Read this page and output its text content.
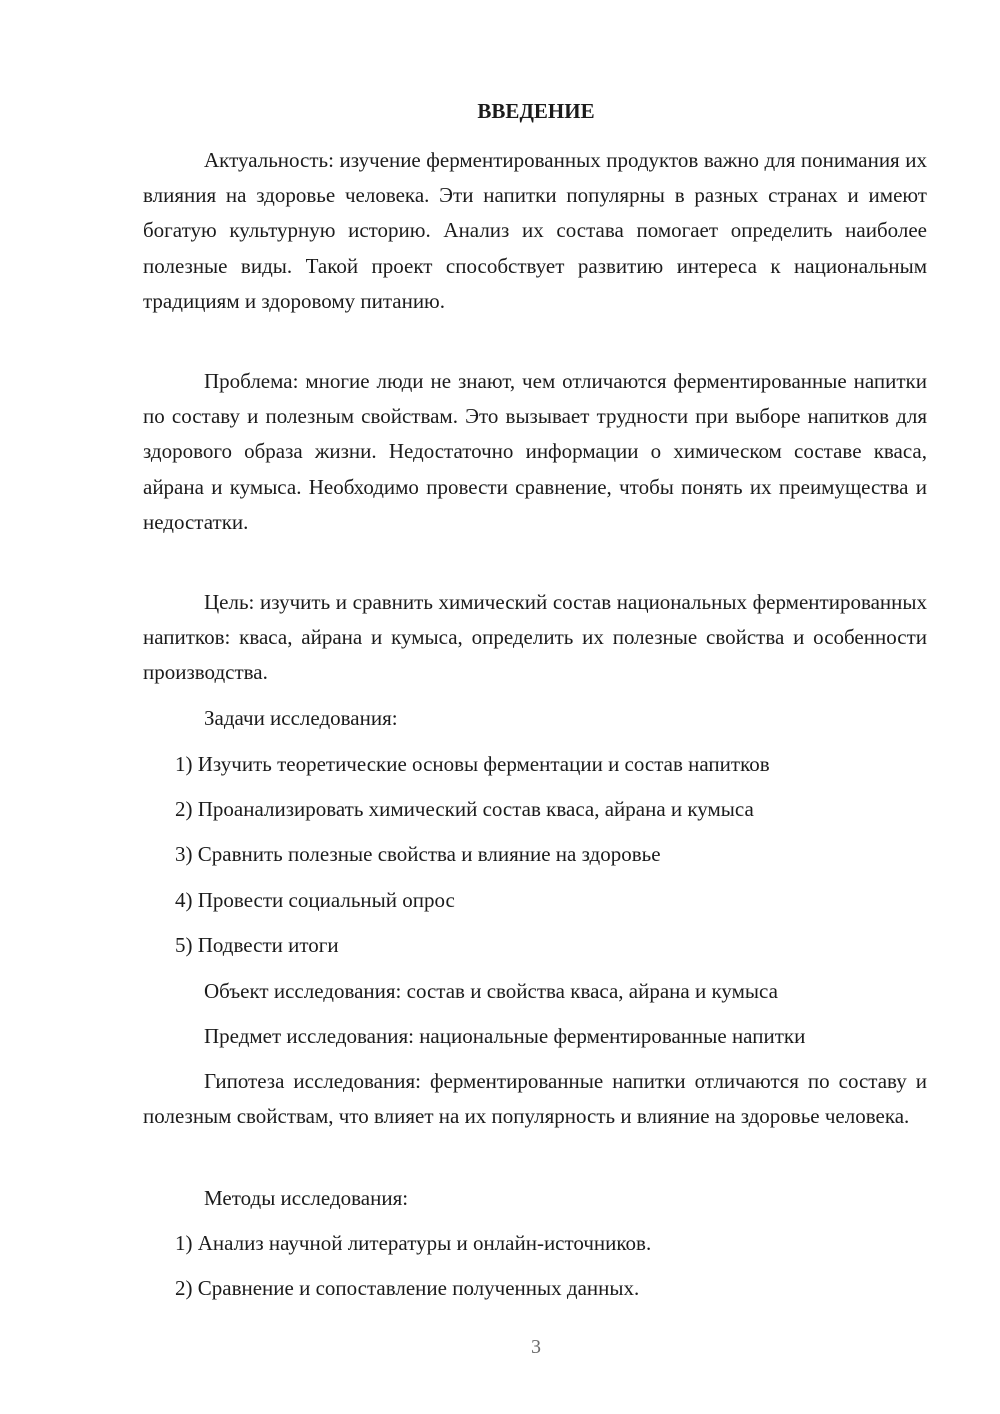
ВВЕДЕНИЕ

Актуальность: изучение ферментированных продуктов важно для понимания их влияния на здоровье человека. Эти напитки популярны в разных странах и имеют богатую культурную историю. Анализ их состава помогает определить наиболее полезные виды. Такой проект способствует развитию интереса к национальным традициям и здоровому питанию.

Проблема: многие люди не знают, чем отличаются ферментированные напитки по составу и полезным свойствам. Это вызывает трудности при выборе напитков для здорового образа жизни. Недостаточно информации о химическом составе кваса, айрана и кумыса. Необходимо провести сравнение, чтобы понять их преимущества и недостатки.

Цель: изучить и сравнить химический состав национальных ферментированных напитков: кваса, айрана и кумыса, определить их полезные свойства и особенности производства.

Задачи исследования:

1) Изучить теоретические основы ферментации и состав напитков

2) Проанализировать химический состав кваса, айрана и кумыса

3) Сравнить полезные свойства и влияние на здоровье

4) Провести социальный опрос

5) Подвести итоги

Объект исследования: состав и свойства кваса, айрана и кумыса

Предмет исследования: национальные ферментированные напитки

Гипотеза исследования: ферментированные напитки отличаются по составу и полезным свойствам, что влияет на их популярность и влияние на здоровье человека.

Методы исследования:

1) Анализ научной литературы и онлайн-источников.

2) Сравнение и сопоставление полученных данных.

3
